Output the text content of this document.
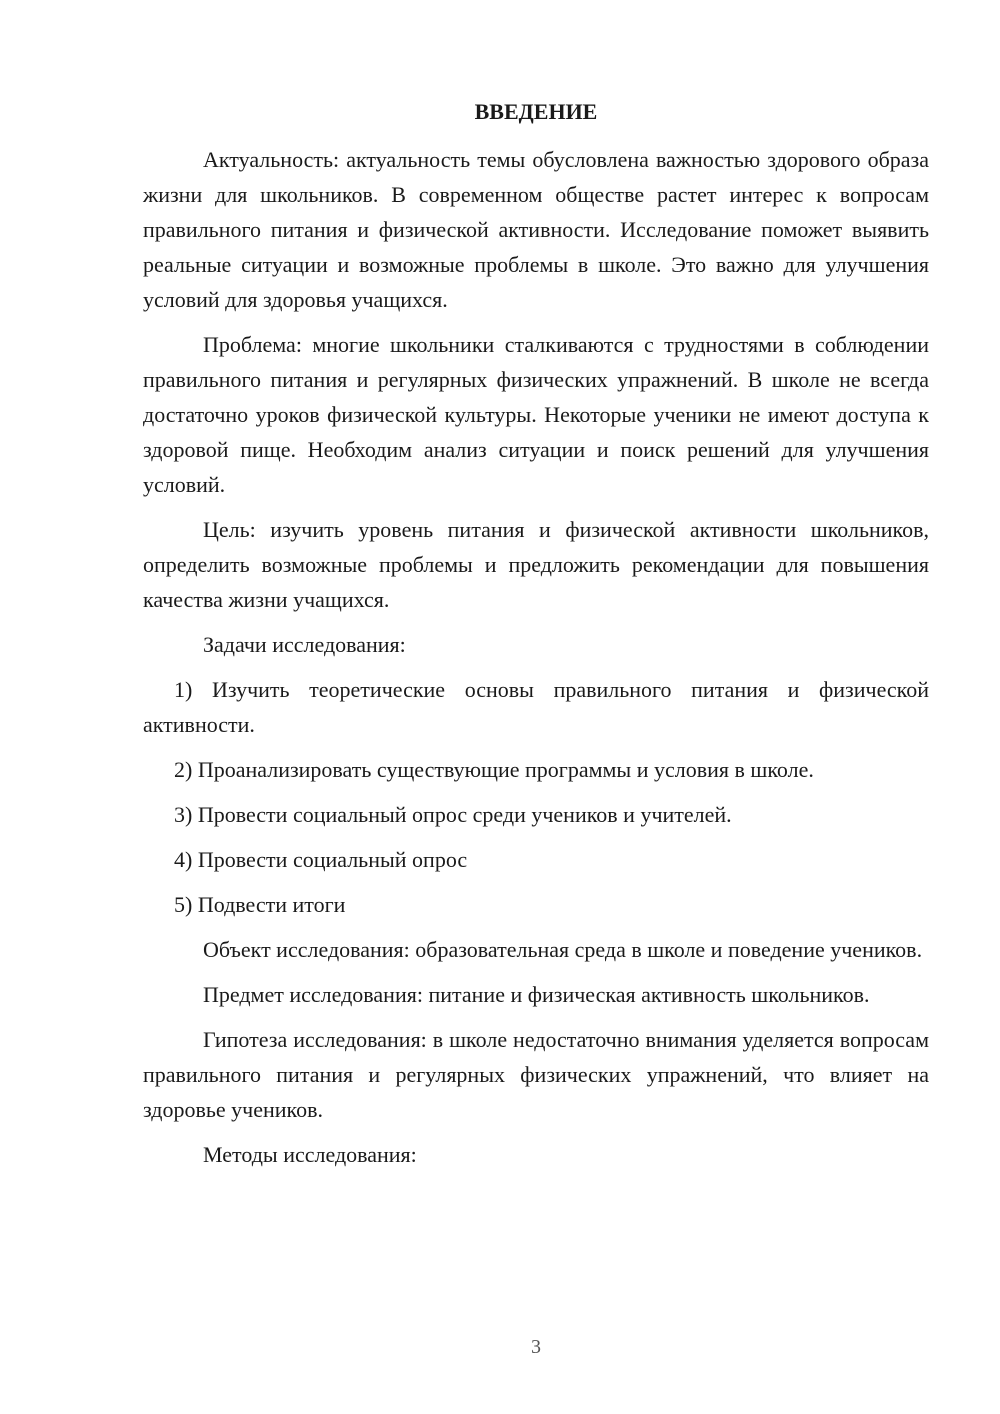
ВВЕДЕНИЕ

Актуальность: актуальность темы обусловлена важностью здорового образа жизни для школьников. В современном обществе растет интерес к вопросам правильного питания и физической активности. Исследование поможет выявить реальные ситуации и возможные проблемы в школе. Это важно для улучшения условий для здоровья учащихся.

Проблема: многие школьники сталкиваются с трудностями в соблюдении правильного питания и регулярных физических упражнений. В школе не всегда достаточно уроков физической культуры. Некоторые ученики не имеют доступа к здоровой пище. Необходим анализ ситуации и поиск решений для улучшения условий.

Цель: изучить уровень питания и физической активности школьников, определить возможные проблемы и предложить рекомендации для повышения качества жизни учащихся.

Задачи исследования:

1) Изучить теоретические основы правильного питания и физической активности.

2) Проанализировать существующие программы и условия в школе.

3) Провести социальный опрос среди учеников и учителей.

4) Провести социальный опрос

5) Подвести итоги

Объект исследования: образовательная среда в школе и поведение учеников.

Предмет исследования: питание и физическая активность школьников.

Гипотеза исследования: в школе недостаточно внимания уделяется вопросам правильного питания и регулярных физических упражнений, что влияет на здоровье учеников.

Методы исследования:

3
